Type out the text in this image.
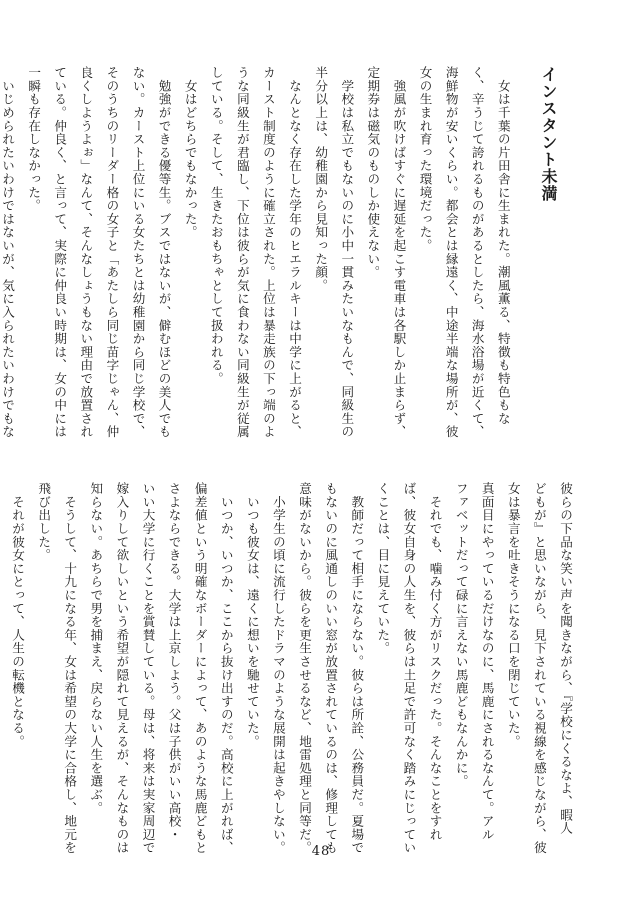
インスタント未満

　女は千葉の片田舎に生まれた。潮風薫る、特徴も特色もな
く、辛うじて誇れるものがあるとしたら、海水浴場が近くて、
海鮮物が安いくらい。都会とは縁遠く、中途半端な場所が、彼
女の生まれ育った環境だった。
　強風が吹けばすぐに遅延を起こす電車は各駅しか止まらず、
定期券は磁気のものしか使えない。
　学校は私立でもないのに小中一貫みたいなもんで、同級生の
半分以上は、幼稚園から見知った顔。
　なんとなく存在した学年のヒエラルキーは中学に上がると、
カースト制度のように確立された。上位は暴走族の下っ端のよ
うな同級生が君臨し、下位は彼らが気に食わない同級生が従属
している。そして、生きたおもちゃとして扱われる。
　女はどちらでもなかった。
　勉強ができる優等生。ブスではないが、僻むほどの美人でも
ない。カースト上位にいる女たちとは幼稚園から同じ学校で、
そのうちのリーダー格の女子と「あたしら同じ苗字じゃん、仲
良くしようよぉ」なんて、そんなしょうもない理由で放置され
ている。仲良く、と言って、実際に仲良い時期は、女の中には
一瞬も存在しなかった。
　いじめられたいわけではないが、気に入られたいわけでもな

彼らの下品な笑い声を聞きながら、『学校にくるなよ、暇人
どもが』と思いながら、見下されている視線を感じながら、彼
女は暴言を吐きそうになる口を閉じていた。
真面目にやっているだけなのに、馬鹿にされるなんて。アル
ファベットだって碌に言えない馬鹿どもなんかに。
　それでも、噛み付く方がリスクだった。そんなことをすれ
ば、彼女自身の人生を、彼らは土足で許可なく踏みにじってい
くことは、目に見えていた。
　教師だって相手にならない。彼らは所詮、公務員だ。夏場で
もないのに風通しのいい窓が放置されているのは、修理しても
意味がないから。彼らを更生させるなど、地雷処理と同等だ。
　小学生の頃に流行したドラマのような展開は起きやしない。
　いつも彼女は、遠くに想いを馳せていた。
　いつか、いつか、ここから抜け出すのだ。高校に上がれば、
偏差値という明確なボーダーによって、あのような馬鹿どもと
さよならできる。大学は上京しよう。父は子供がいい高校・
いい大学に行くことを賞賛している。母は、将来は実家周辺で
嫁入りして欲しいという希望が隠れて見えるが、そんなものは
知らない。あちらで男を捕まえ、戻らない人生を選ぶ。
　そうして、十九になる年、女は希望の大学に合格し、地元を
飛び出した。
　それが彼女にとって、人生の転機となる。

48
